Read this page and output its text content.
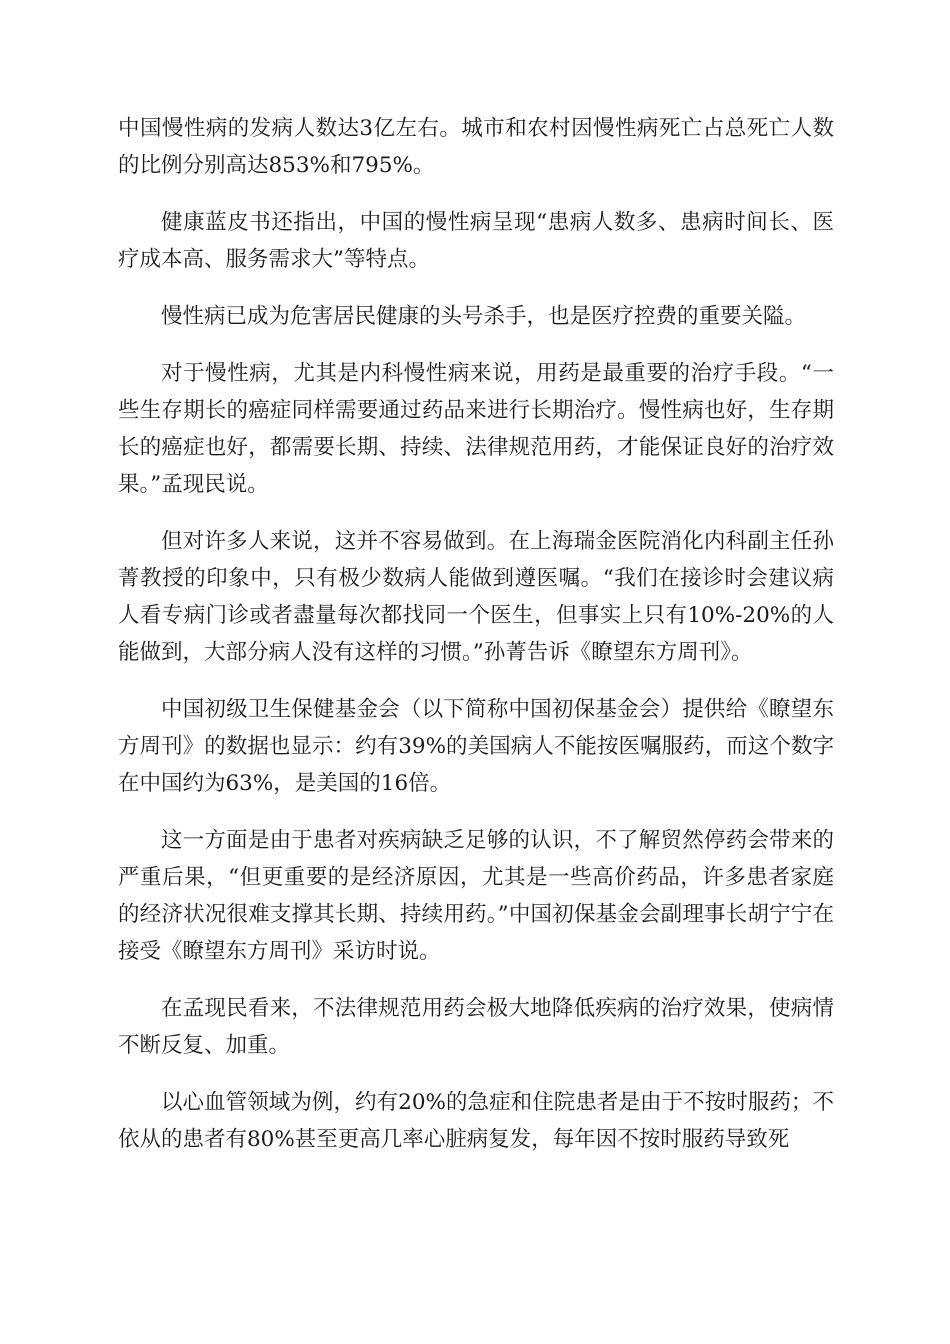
中国慢性病的发病人数达3亿左右。城市和农村因慢性病死亡占总死亡人数的比例分别高达853%和795%。

健康蓝皮书还指出，中国的慢性病呈现“患病人数多、患病时间长、医疗成本高、服务需求大”等特点。

慢性病已成为危害居民健康的头号杀手，也是医疗控费的重要关隘。

对于慢性病，尤其是内科慢性病来说，用药是最重要的治疗手段。“一些生存期长的癌症同样需要通过药品来进行长期治疗。慢性病也好，生存期长的癌症也好，都需要长期、持续、法律规范用药，才能保证良好的治疗效果。”孟现民说。

但对许多人来说，这并不容易做到。在上海瑞金医院消化内科副主任孙菁教授的印象中，只有极少数病人能做到遵医嘱。“我们在接诊时会建议病人看专病门诊或者盡量每次都找同一个医生，但事实上只有10%-20%的人能做到，大部分病人没有这样的习惯。”孙菁告诉《瞭望东方周刊》。

中国初级卫生保健基金会（以下简称中国初保基金会）提供给《瞭望东方周刊》的数据也显示：约有39%的美国病人不能按医嘱服药，而这个数字在中国约为63%，是美国的16倍。

这一方面是由于患者对疾病缺乏足够的认识，不了解贸然停药会带来的严重后果，“但更重要的是经济原因，尤其是一些高价药品，许多患者家庭的经济状况很难支撑其长期、持续用药。”中国初保基金会副理事长胡宁宁在接受《瞭望东方周刊》采访时说。

在孟现民看来，不法律规范用药会极大地降低疾病的治疗效果，使病情不断反复、加重。

以心血管领域为例，约有20%的急症和住院患者是由于不按时服药；不依从的患者有80%甚至更高几率心脏病复发，每年因不按时服药导致死
